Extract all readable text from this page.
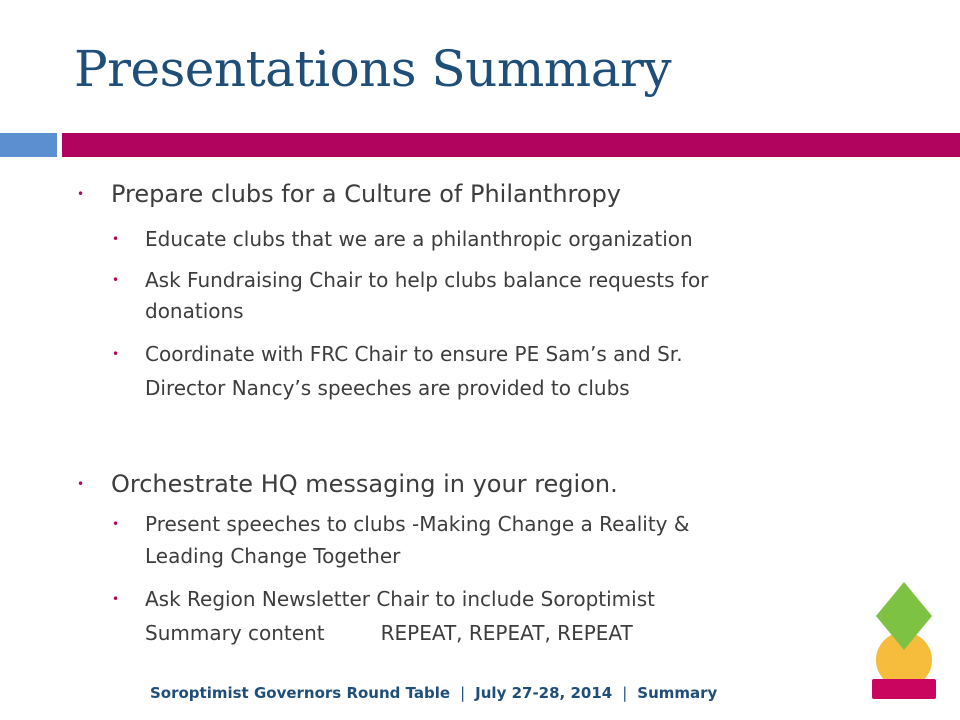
Presentations Summary
• Prepare clubs for a Culture of Philanthropy
• Educate clubs that we are a philanthropic organization
• Ask Fundraising Chair to help clubs balance requests for
donations
• Coordinate with FRC Chair to ensure PE Sam’s and Sr.
Director Nancy’s speeches are provided to clubs
• Orchestrate HQ messaging in your region.
• Present speeches to clubs -Making Change a Reality &
Leading Change Together
• Ask Region Newsletter Chair to include Soroptimist
Summary content	REPEAT, REPEAT, REPEAT
Soroptimist Governors Round Table | July 27-28, 2014 | Summary
